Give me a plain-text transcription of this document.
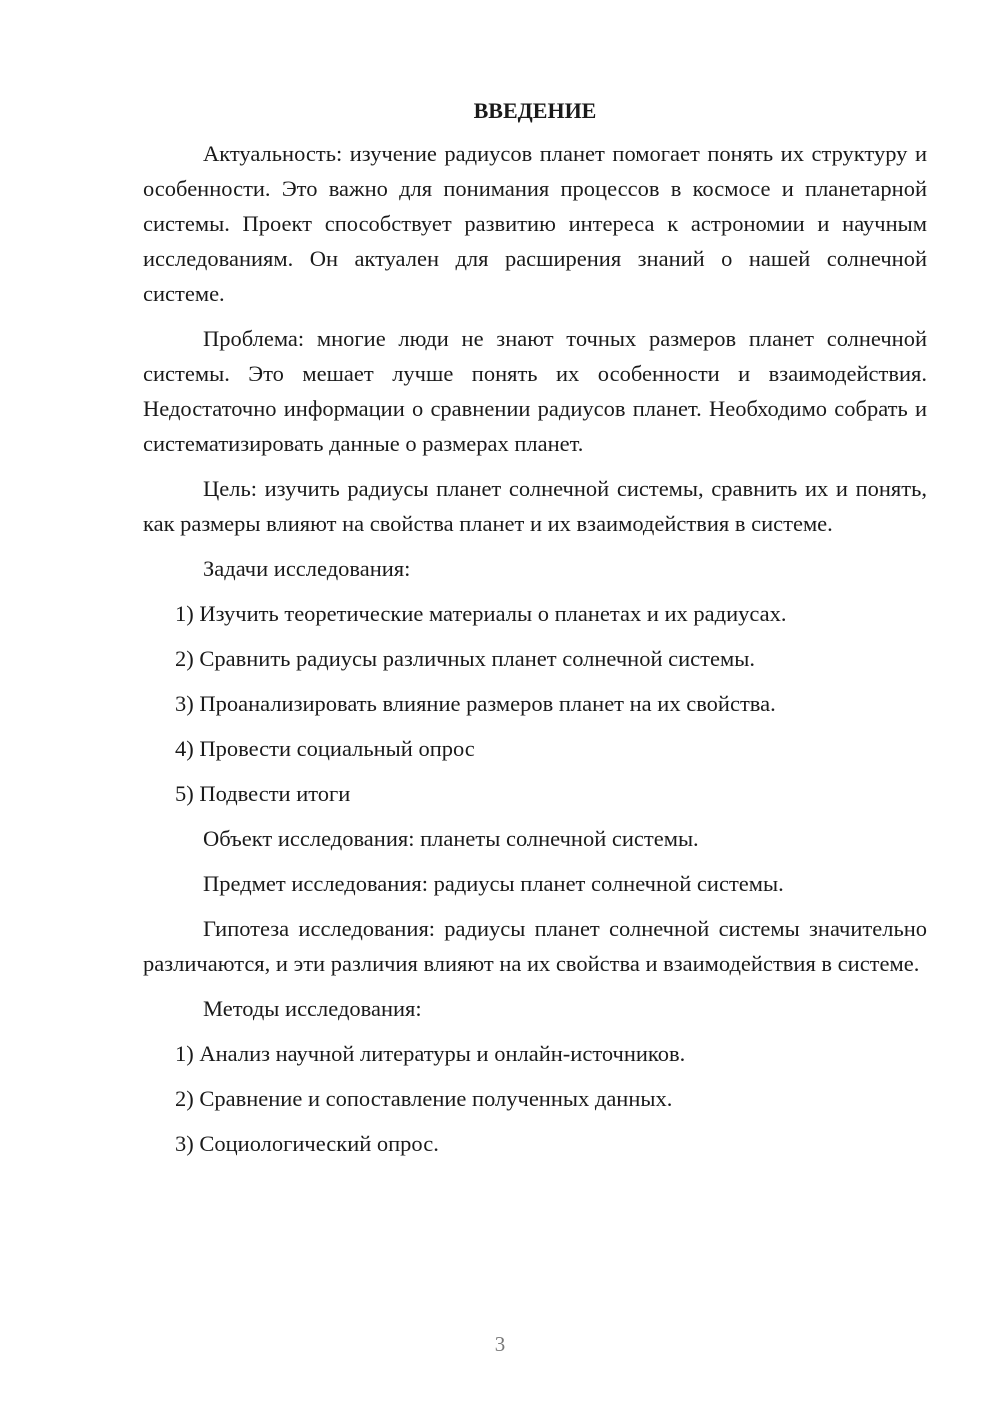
ВВЕДЕНИЕ

Актуальность: изучение радиусов планет помогает понять их структуру и особенности. Это важно для понимания процессов в космосе и планетарной системы. Проект способствует развитию интереса к астрономии и научным исследованиям. Он актуален для расширения знаний о нашей солнечной системе.

Проблема: многие люди не знают точных размеров планет солнечной системы. Это мешает лучше понять их особенности и взаимодействия. Недостаточно информации о сравнении радиусов планет. Необходимо собрать и систематизировать данные о размерах планет.

Цель: изучить радиусы планет солнечной системы, сравнить их и понять, как размеры влияют на свойства планет и их взаимодействия в системе.

Задачи исследования:

1) Изучить теоретические материалы о планетах и их радиусах.

2) Сравнить радиусы различных планет солнечной системы.

3) Проанализировать влияние размеров планет на их свойства.

4) Провести социальный опрос

5) Подвести итоги

Объект исследования: планеты солнечной системы.

Предмет исследования: радиусы планет солнечной системы.

Гипотеза исследования: радиусы планет солнечной системы значительно различаются, и эти различия влияют на их свойства и взаимодействия в системе.

Методы исследования:

1) Анализ научной литературы и онлайн-источников.

2) Сравнение и сопоставление полученных данных.

3) Социологический опрос.

3
